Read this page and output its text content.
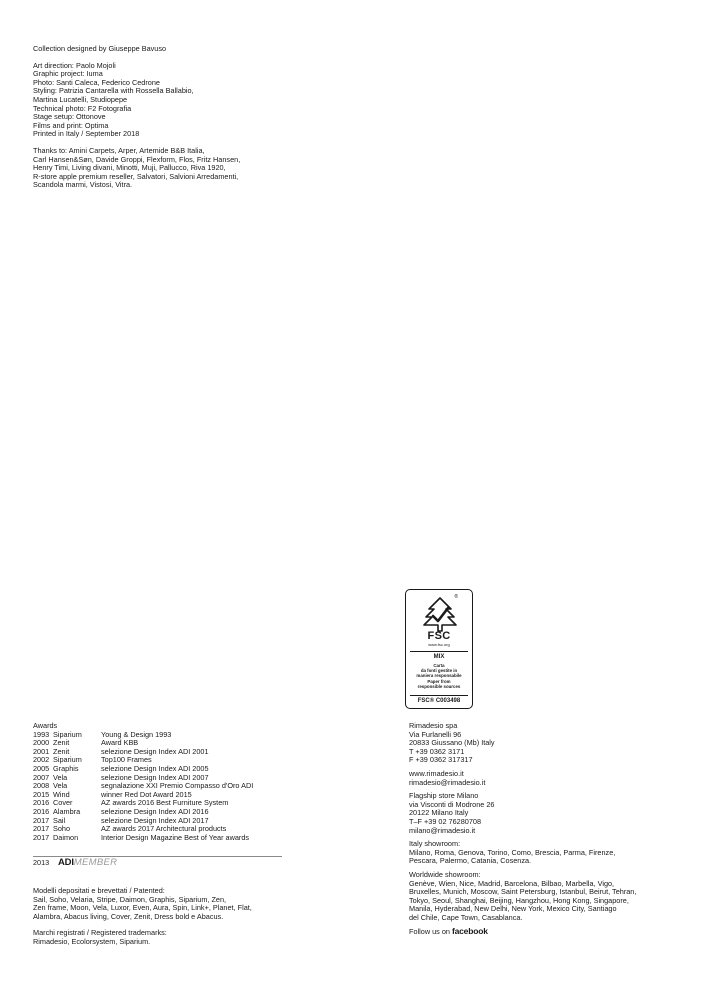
Collection designed by Giuseppe Bavuso
Art direction: Paolo Mojoli
Graphic project: Iuma
Photo: Santi Caleca, Federico Cedrone
Styling: Patrizia Cantarella with Rossella Ballabio,
Martina Lucatelli, Studiopepe
Technical photo: F2 Fotografia
Stage setup: Ottonove
Films and print: Optima
Printed in Italy / September 2018
Thanks to: Amini Carpets, Arper, Artemide B&B Italia,
Carl Hansen&Søn, Davide Groppi, Flexform, Flos, Fritz Hansen,
Henry Timi, Living divani, Minotti, Muji, Pallucco, Riva 1920,
R-store apple premium reseller, Salvatori, Salvioni Arredamenti,
Scandola marmi, Vistosi, Vitra.
®
FSC
www.fsc.org
MIX
Carta
da fonti gestite in
maniera responsabile
Paper from
responsible sources
FSC® C003498
Awards
1993 Siparium	Young & Design 1993
2000 Zenit	Award KBB
2001 Zenit	selezione Design Index ADI 2001
2002 Siparium	Top100 Frames
2005 Graphis	selezione Design Index ADI 2005
2007 Vela	selezione Design Index ADI 2007
2008 Vela	segnalazione XXI Premio Compasso d'Oro ADI
2015 Wind	winner Red Dot Award 2015
2016 Cover	AZ awards 2016 Best Furniture System
2016 Alambra	selezione Design Index ADI 2016
2017 Sail	selezione Design Index ADI 2017
2017 Soho	AZ awards 2017 Architectural products
2017 Daimon	Interior Design Magazine Best of Year awards
2013 ADI MEMBER
Modelli depositati e brevettati / Patented:
Sail, Soho, Velaria, Stripe, Daimon, Graphis, Siparium, Zen,
Zen frame, Moon, Vela, Luxor, Even, Aura, Spin, Link+, Planet, Flat,
Alambra, Abacus living, Cover, Zenit, Dress bold e Abacus.
Marchi registrati / Registered trademarks:
Rimadesio, Ecolorsystem, Siparium.
Rimadesio spa
Via Furlanelli 96
20833 Giussano (Mb) Italy
T +39 0362 3171
F +39 0362 317317
www.rimadesio.it
rimadesio@rimadesio.it
Flagship store Milano
via Visconti di Modrone 26
20122 Milano Italy
T–F +39 02 76280708
milano@rimadesio.it
Italy showroom:
Milano, Roma, Genova, Torino, Como, Brescia, Parma, Firenze,
Pescara, Palermo, Catania, Cosenza.
Worldwide showroom:
Genève, Wien, Nice, Madrid, Barcelona, Bilbao, Marbella, Vigo,
Bruxelles, Munich, Moscow, Saint Petersburg, Istanbul, Beirut, Tehran,
Tokyo, Seoul, Shanghai, Beijing, Hangzhou, Hong Kong, Singapore,
Manila, Hyderabad, New Delhi, New York, Mexico City, Santiago
del Chile, Cape Town, Casablanca.
Follow us on facebook
